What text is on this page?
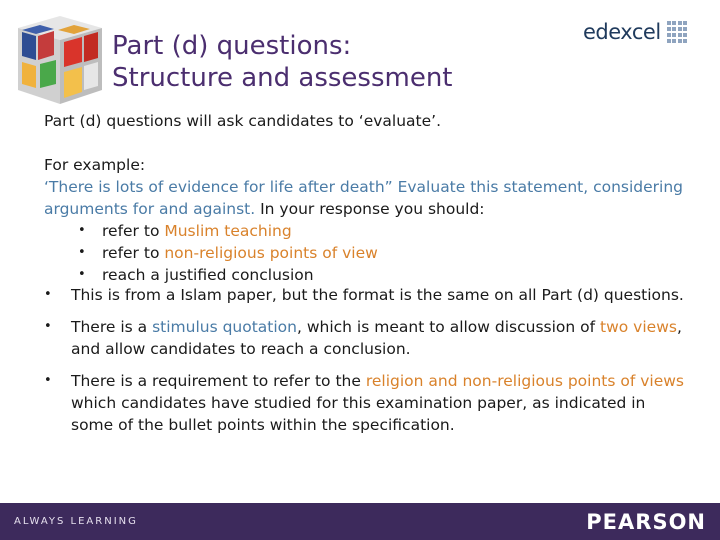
Part (d) questions:
Structure and assessment
edexcel

Part (d) questions will ask candidates to ‘evaluate’.

For example:
‘There is lots of evidence for life after death” Evaluate this statement, considering arguments for and against. In your response you should:

• refer to Muslim teaching
• refer to non-religious points of view
• reach a justified conclusion
• This is from a Islam paper, but the format is the same on all Part (d) questions.
• There is a stimulus quotation, which is meant to allow discussion of two views, and allow candidates to reach a conclusion.
• There is a requirement to refer to the religion and non-religious points of views which candidates have studied for this examination paper, as indicated in some of the bullet points within the specification.
ALWAYS LEARNING	PEARSON
